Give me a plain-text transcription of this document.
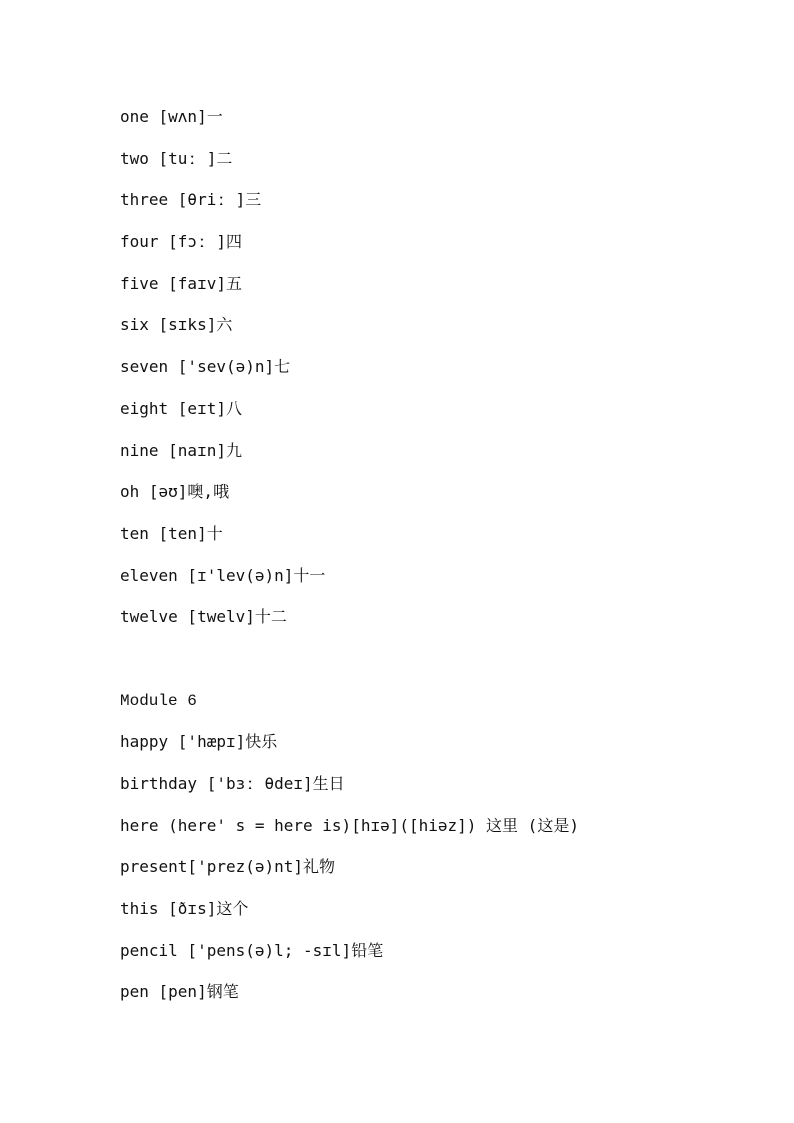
one [wʌn]一
two [tuː ]二
three [θriː ]三
four [fɔː ]四
five [faɪv]五
six [sɪks]六
seven ['sev(ə)n]七
eight [eɪt]八
nine [naɪn]九
oh [əʊ]噢,哦
ten [ten]十
eleven [ɪ'lev(ə)n]十一
twelve [twelv]十二
Module 6
happy ['hæpɪ]快乐
birthday ['bɜː θdeɪ]生日
here (here' s = here is)[hɪə]([hiəz]) 这里 (这是)
present['prez(ə)nt]礼物
this [ðɪs]这个
pencil ['pens(ə)l; -sɪl]铅笔
pen [pen]钢笔
